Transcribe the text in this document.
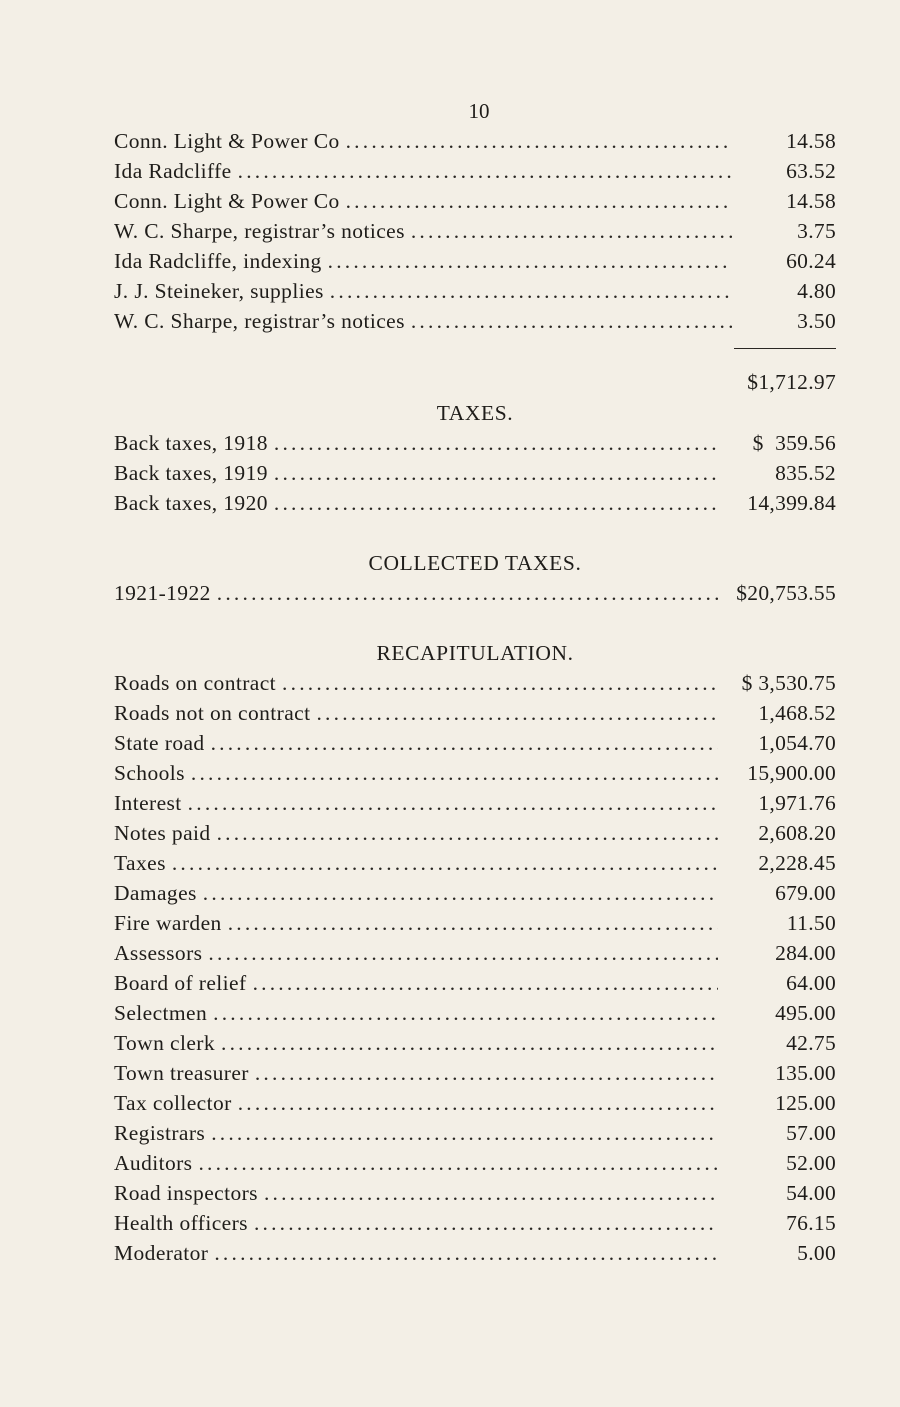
10
Conn. Light & Power Co .....	14.58
Ida Radcliffe .....	63.52
Conn. Light & Power Co .....	14.58
W. C. Sharpe, registrar’s notices .....	3.75
Ida Radcliffe, indexing .....	60.24
J. J. Steineker, supplies .....	4.80
W. C. Sharpe, registrar’s notices .....	3.50
$1,712.97
TAXES.
Back taxes, 1918 .....	$  359.56
Back taxes, 1919 .....	835.52
Back taxes, 1920 .....	14,399.84
COLLECTED TAXES.
1921-1922 .....	$20,753.55
RECAPITULATION.
Roads on contract .....	$ 3,530.75
Roads not on contract .....	1,468.52
State road .....	1,054.70
Schools .....	15,900.00
Interest .....	1,971.76
Notes paid .....	2,608.20
Taxes .....	2,228.45
Damages .....	679.00
Fire warden .....	11.50
Assessors .....	284.00
Board of relief .....	64.00
Selectmen .....	495.00
Town clerk .....	42.75
Town treasurer .....	135.00
Tax collector .....	125.00
Registrars .....	57.00
Auditors .....	52.00
Road inspectors .....	54.00
Health officers .....	76.15
Moderator .....	5.00
